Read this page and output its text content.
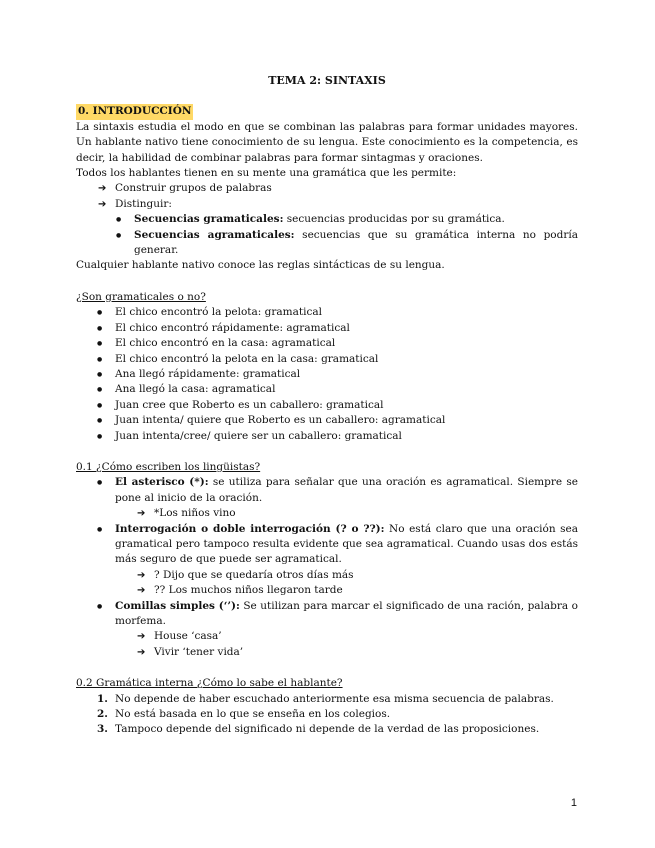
TEMA 2: SINTAXIS
0. INTRODUCCIÓN

La sintaxis estudia el modo en que se combinan las palabras para formar unidades mayores. Un hablante nativo tiene conocimiento de su lengua. Este conocimiento es la competencia, es decir, la habilidad de combinar palabras para formar sintagmas y oraciones.

Todos los hablantes tienen en su mente una gramática que les permite:

➔ Construir grupos de palabras
➔ Distinguir:
● Secuencias gramaticales: secuencias producidas por su gramática.
● Secuencias agramaticales: secuencias que su gramática interna no podría generar.

Cualquier hablante nativo conoce las reglas sintácticas de su lengua.

¿Son gramaticales o no?

● El chico encontró la pelota: gramatical
● El chico encontró rápidamente: agramatical
● El chico encontró en la casa: agramatical
● El chico encontró la pelota en la casa: gramatical
● Ana llegó rápidamente: gramatical
● Ana llegó la casa: agramatical
● Juan cree que Roberto es un caballero: gramatical
● Juan intenta/ quiere que Roberto es un caballero: agramatical
● Juan intenta/cree/ quiere ser un caballero: gramatical

0.1 ¿Cómo escriben los lingüistas?

● El asterisco (*): se utiliza para señalar que una oración es agramatical. Siempre se pone al inicio de la oración.
➔ *Los niños vino
● Interrogación o doble interrogación (? o ??): No está claro que una oración sea gramatical pero tampoco resulta evidente que sea agramatical. Cuando usas dos estás más seguro de que puede ser agramatical.
➔ ? Dijo que se quedaría otros días más
➔ ?? Los muchos niños llegaron tarde
● Comillas simples (‘’): Se utilizan para marcar el significado de una ración, palabra o morfema.
➔ House ‘casa’
➔ Vivir ‘tener vida’

0.2 Gramática interna ¿Cómo lo sabe el hablante?

1. No depende de haber escuchado anteriormente esa misma secuencia de palabras.
2. No está basada en lo que se enseña en los colegios.
3. Tampoco depende del significado ni depende de la verdad de las proposiciones.
1
